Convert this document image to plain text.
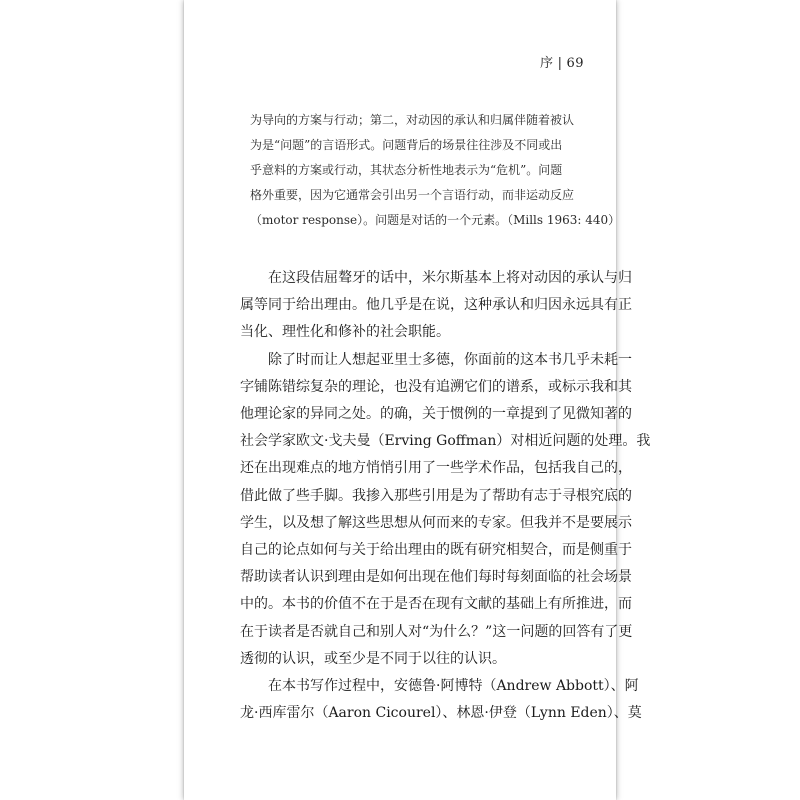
序 | 69

为导向的方案与行动；第二，对动因的承认和归属伴随着被认

为是“问题”的言语形式。问题背后的场景往往涉及不同或出

乎意料的方案或行动，其状态分析性地表示为“危机”。问题

格外重要，因为它通常会引出另一个言语行动，而非运动反应

（motor response）。问题是对话的一个元素。（Mills 1963: 440）

　　在这段佶屈聱牙的话中，米尔斯基本上将对动因的承认与归

属等同于给出理由。他几乎是在说，这种承认和归因永远具有正

当化、理性化和修补的社会职能。

　　除了时而让人想起亚里士多德，你面前的这本书几乎未耗一

字铺陈错综复杂的理论，也没有追溯它们的谱系，或标示我和其

他理论家的异同之处。的确，关于惯例的一章提到了见微知著的

社会学家欧文·戈夫曼（Erving Goffman）对相近问题的处理。我

还在出现难点的地方悄悄引用了一些学术作品，包括我自己的，

借此做了些手脚。我掺入那些引用是为了帮助有志于寻根究底的

学生，以及想了解这些思想从何而来的专家。但我并不是要展示

自己的论点如何与关于给出理由的既有研究相契合，而是侧重于

帮助读者认识到理由是如何出现在他们每时每刻面临的社会场景

中的。本书的价值不在于是否在现有文献的基础上有所推进，而

在于读者是否就自己和别人对“为什么？”这一问题的回答有了更

透彻的认识，或至少是不同于以往的认识。

　　在本书写作过程中，安德鲁·阿博特（Andrew Abbott）、阿

龙·西库雷尔（Aaron Cicourel）、林恩·伊登（Lynn Eden）、莫
